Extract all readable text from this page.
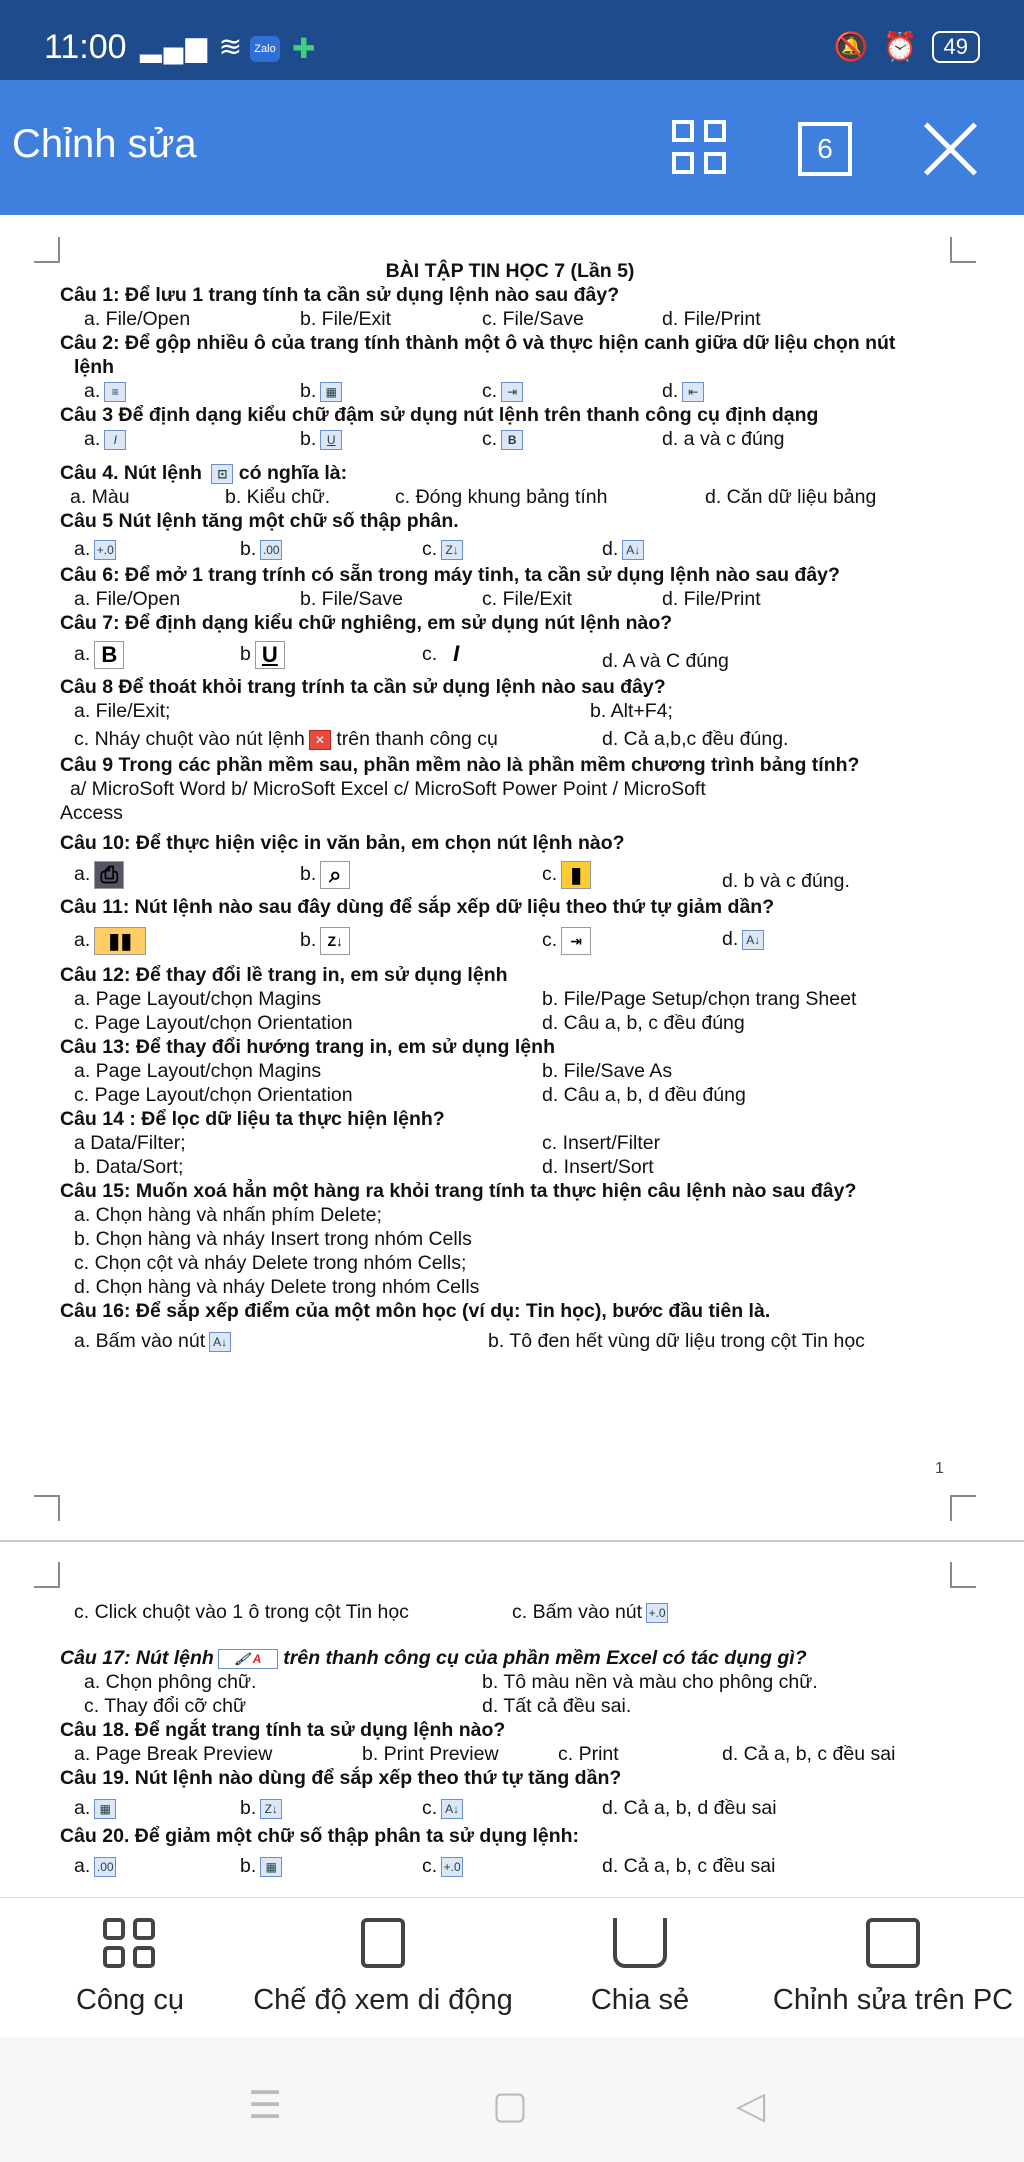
11:00 ▂▄▆ ≋ Zalo ✚	🔕 ⏰	49
Chỉnh sửa	6
BÀI TẬP TIN HỌC 7 (Lần 5)
Câu 1: Để lưu 1 trang tính ta cần sử dụng lệnh nào sau đây?
a. File/Open	b. File/Exit	c. File/Save	d. File/Print
Câu 2: Để gộp nhiều ô của trang tính thành một ô và thực hiện canh giữa dữ liệu chọn nút
lệnh
a. ≡	b. ▦	c. ⇥	d. ⇤
Câu 3 Để định dạng kiểu chữ đậm sử dụng nút lệnh trên thanh công cụ định dạng
a. I	b. U	c. B	d. a và c đúng
Câu 4. Nút lệnh ⊡ có nghĩa là:
a. Màu	b. Kiểu chữ.	c. Đóng khung bảng tính	d. Căn dữ liệu bảng
Câu 5 Nút lệnh tăng một chữ số thập phân.
a. +.0	b. .00	c. Z↓	d. A↓
Câu 6: Để mở 1 trang trính có sẵn trong máy tinh, ta cần sử dụng lệnh nào sau đây?
a. File/Open	b. File/Save	c. File/Exit	d. File/Print
Câu 7: Để định dạng kiểu chữ nghiêng, em sử dụng nút lệnh nào?
a. B	b U	c. I	d. A và C đúng
Câu 8 Để thoát khỏi trang trính ta cần sử dụng lệnh nào sau đây?
a. File/Exit;	b. Alt+F4;
c. Nháy chuột vào nút lệnh ✕ trên thanh công cụ	d. Cả a,b,c đều đúng.
Câu 9 Trong các phần mềm sau, phần mềm nào là phần mềm chương trình bảng tính?
a/ MicroSoft Word b/ MicroSoft Excel c/ MicroSoft Power Point / MicroSoft
Access
Câu 10: Để thực hiện việc in văn bản, em chọn nút lệnh nào?
a. ⎙	b. ⌕	c. ▮	d. b và c đúng.
Câu 11: Nút lệnh nào sau đây dùng để sắp xếp dữ liệu theo thứ tự giảm dần?
a. ▮▮	b. Z↓	c. ⇥	d. A↓
Câu 12: Để thay đổi lề trang in, em sử dụng lệnh
a. Page Layout/chọn Magins	b. File/Page Setup/chọn trang Sheet
c. Page Layout/chọn Orientation	d. Câu a, b, c đều đúng
Câu 13: Để thay đổi hướng trang in, em sử dụng lệnh
a. Page Layout/chọn Magins	b. File/Save As
c. Page Layout/chọn Orientation	d. Câu a, b, d đều đúng
Câu 14 : Để lọc dữ liệu ta thực hiện lệnh?
a Data/Filter;	c. Insert/Filter
b. Data/Sort;	d. Insert/Sort
Câu 15: Muốn xoá hẳn một hàng ra khỏi trang tính ta thực hiện câu lệnh nào sau đây?
a. Chọn hàng và nhấn phím Delete;
b. Chọn hàng và nháy Insert trong nhóm Cells
c. Chọn cột và nháy Delete trong nhóm Cells;
d. Chọn hàng và nháy Delete trong nhóm Cells
Câu 16: Để sắp xếp điểm của một môn học (ví dụ: Tin học), bước đầu tiên là.
a. Bấm vào nút A↓	b. Tô đen hết vùng dữ liệu trong cột Tin học
1
c. Click chuột vào 1 ô trong cột Tin học	c. Bấm vào nút +.0
Câu 17: Nút lệnh 🖌 A trên thanh công cụ của phần mềm Excel có tác dụng gì?
a. Chọn phông chữ.	b. Tô màu nền và màu cho phông chữ.
c. Thay đổi cỡ chữ	d. Tất cả đều sai.
Câu 18. Để ngắt trang tính ta sử dụng lệnh nào?
a. Page Break Preview	b. Print Preview	c. Print	d. Cả a, b, c đều sai
Câu 19. Nút lệnh nào dùng để sắp xếp theo thứ tự tăng dần?
a. ▦	b. Z↓	c. A↓	d. Cả a, b, d đều sai
Câu 20. Để giảm một chữ số thập phân ta sử dụng lệnh:
a. .00	b. ▦	c. +.0	d. Cả a, b, c đều sai
Công cụ	Chế độ xem di động	Chia sẻ	Chỉnh sửa trên PC
☰	▢	◁
